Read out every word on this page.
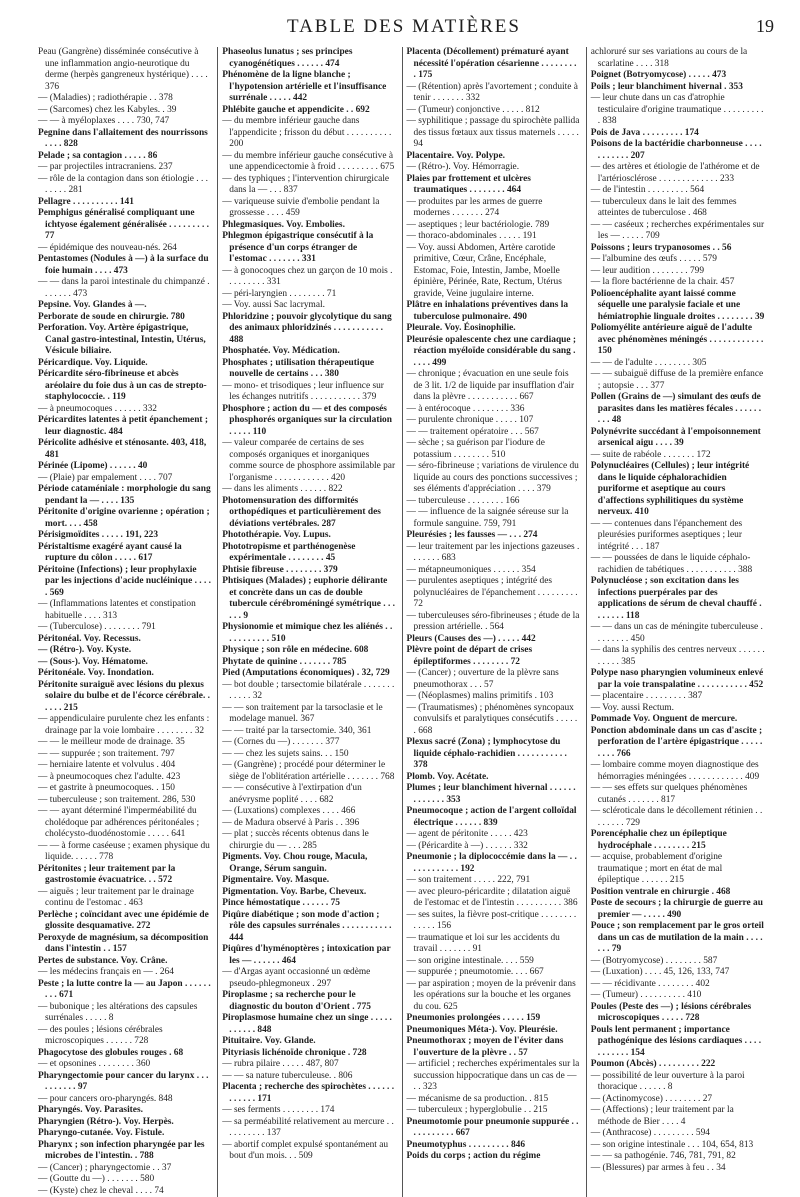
TABLE DES MATIÈRES	19
Peau (Gangrène) disséminée consécutive à une inflammation angio-neurotique du derme (herpès gangreneux hystérique) . . . . 376
— (Maladies) ; radiothérapie . . 378
— (Sarcomes) chez les Kabyles. . 39
— — à myéloplaxes . . . . 730, 747
Pegnine dans l'allaitement des nourrissons . . . . 828
Pelade ; sa contagion . . . . . 86
— par projectiles intracraniens. 237
— rôle de la contagion dans son étiologie . . . . . . . . 281
Pellagre . . . . . . . . . . 141
Pemphigus généralisé compliquant une ichtyose également généralisée . . . . . . . . . 77
— épidémique des nouveau-nés. 264
Pentastomes (Nodules à —) à la surface du foie humain . . . . 473
— — dans la paroi intestinale du chimpanzé . . . . . . . 473
Pepsine. Voy. Glandes à —.
Perborate de soude en chirurgie. 780
Perforation. Voy. Artère épigastrique, Canal gastro-intestinal, Intestin, Utérus, Vésicule biliaire.
Péricardique. Voy. Liquide.
Péricardite séro-fibrineuse et abcès aréolaire du foie dus à un cas de strepto-staphylococcie. . 119
— à pneumocoques . . . . . . 332
Péricardites latentes à petit épanchement ; leur diagnostic. 484
Péricolite adhésive et sténosante. 403, 418, 481
Périnée (Lipome) . . . . . . 40
— (Plaie) par empalement . . . . 707
Période cataméniale : morphologie du sang pendant la — . . . . 135
Péritonite d'origine ovarienne ; opération ; mort. . . . 458
Périsigmoïdites . . . . . 191, 223
Péristaltisme exagéré ayant causé la rupture du côlon . . . . . 617
Péritoine (Infections) ; leur prophylaxie par les injections d'acide nucléinique . . . . . 569
— (Inflammations latentes et constipation habituelle . . . . 313
— (Tuberculose) . . . . . . . . 791
Péritonéal. Voy. Recessus.
— (Rétro-). Voy. Kyste.
— (Sous-). Voy. Hématome.
Péritonéale. Voy. Inondation.
Péritonite suraiguë avec lésions du plexus solaire du bulbe et de l'écorce cérébrale. . . . . . 215
— appendiculaire purulente chez les enfants : drainage par la voie lombaire . . . . . . . . 32
— — le meilleur mode de drainage. 35
— — suppurée ; son traitement. 797
— herniaire latente et volvulus . 404
— à pneumocoques chez l'adulte. 423
— et gastrite à pneumocoques. . 150
— tuberculeuse ; son traitement. 286, 530
— — ayant déterminé l'imperméabilité du cholédoque par adhérences péritonéales ; cholécysto-duodénostomie . . . . . 641
— — à forme caséeuse ; examen physique du liquide. . . . . . 778
Péritonites ; leur traitement par la gastrostomie évacuatrice. . . 572
— aiguës ; leur traitement par le drainage continu de l'estomac . 463
Perlèche ; coïncidant avec une épidémie de glossite desquamative. 272
Peroxyde de magnésium, sa décomposition dans l'intestin . . 157
Pertes de substance. Voy. Crâne.
— les médecins français en — . 264
Peste ; la lutte contre la — au Japon . . . . . . . . . 671
— bubonique ; les altérations des capsules surrénales . . . . . 8
— des poules ; lésions cérébrales microscopiques . . . . . . 728
Phagocytose des globules rouges . 68
— et opsonines . . . . . . . . 360
Pharyngectomie pour cancer du larynx . . . . . . . . . . 97
— pour cancers oro-pharyngés. 848
Pharyngés. Voy. Parasites.
Pharyngien (Rétro-). Voy. Herpès.
Pharyngo-cutanée. Voy. Fistule.
Pharynx ; son infection pharyngée par les microbes de l'intestin. . 788
— (Cancer) ; pharyngectomie . . 37
— (Goutte du —) . . . . . . . 580
— (Kyste) chez le cheval . . . . 74
Phaseolus lunatus ; ses principes cyanogénétiques . . . . . . 474
Phénomène de la ligne blanche ; l'hypotension artérielle et l'insuffisance surrénale . . . . . 442
Phlébite gauche et appendicite . . 692
— du membre inférieur gauche dans l'appendicite ; frisson du début . . . . . . . . . . 200
— du membre inférieur gauche consécutive à une appendicectomie à froid . . . . . . . . . 675
— des typhiques ; l'intervention chirurgicale dans la — . . . 837
— variqueuse suivie d'embolie pendant la grossesse . . . . 459
Phlegmasiques. Voy. Embolies.
Phlegmon épigastrique consécutif à la présence d'un corps étranger de l'estomac . . . . . . . 331
— à gonocoques chez un garçon de 10 mois . . . . . . . . . 331
— péri-laryngien . . . . . . . . 71
— Voy. aussi Sac lacrymal.
Phloridzine ; pouvoir glycolytique du sang des animaux phloridzinés . . . . . . . . . . . 488
Phosphatée. Voy. Médication.
Phosphates ; utilisation thérapeutique nouvelle de certains . . . 380
— mono- et trisodiques ; leur influence sur les échanges nutritifs . . . . . . . . . . . 379
Phosphore ; action du — et des composés phosphorés organiques sur la circulation . . . . . 110
— valeur comparée de certains de ses composés organiques et inorganiques comme source de phosphore assimilable par l'organisme . . . . . . . . . . . . 420
— dans les aliments . . . . . . 822
Photomensuration des difformités orthopédiques et particulièrement des déviations vertébrales. 287
Photothérapie. Voy. Lupus.
Phototropisme et parthénogenèse expérimentale . . . . . . . . 45
Phtisie fibreuse . . . . . . . . 379
Phtisiques (Malades) ; euphorie délirante et concrète dans un cas de double tubercule cérébroméningé symétrique . . . . . . 9
Physionomie et mimique chez les aliénés . . . . . . . . . . . 510
Physique ; son rôle en médecine. 608
Phytate de quinine . . . . . . . 785
Pied (Amputations économiques) . 32, 729
— bot double ; tarsectomie bilatérale . . . . . . . . . . . . 32
— — son traitement par la tarsoclasie et le modelage manuel. 367
— — traité par la tarsectomie. 340, 361
— (Cornes du —) . . . . . . . 377
— — chez les sujets sains. . . 150
— (Gangrène) ; procédé pour déterminer le siège de l'oblitération artérielle . . . . . . . 768
— — consécutive à l'extirpation d'un anévrysme poplité . . . . 682
— (Luxations) complexes . . . . 466
— de Madura observé à Paris . . 396
— plat ; succès récents obtenus dans le chirurgie du — . . . 285
Pigments. Voy. Chou rouge, Macula, Orange, Sérum sanguin.
Pigmentaire. Voy. Masque.
Pigmentation. Voy. Barbe, Cheveux.
Pince hémostatique . . . . . . 75
Piqûre diabétique ; son mode d'action ; rôle des capsules surrénales . . . . . . . . . . . 444
Piqûres d'hyménoptères ; intoxication par les — . . . . . . 464
— d'Argas ayant occasionné un œdème pseudo-phlegmoneux . 297
Piroplasme ; sa recherche pour le diagnostic du bouton d'Orient . 775
Piroplasmose humaine chez un singe . . . . . . . . . . . 848
Pituitaire. Voy. Glande.
Pityriasis lichénoïde chronique . 728
— rubra pilaire . . . . . 487, 807
— — sa nature tuberculeuse. . 806
Placenta ; recherche des spirochètes . . . . . . . . . . . . 171
— ses ferments . . . . . . . . 174
— sa perméabilité relativement au mercure . . . . . . . . . . 137
— abortif complet expulsé spontanément au bout d'un mois. . . 509
Placenta (Décollement) prématuré ayant nécessité l'opération césarienne . . . . . . . . . 175
— (Rétention) après l'avortement ; conduite à tenir . . . . . . . 332
— (Tumeur) conjonctive . . . . . 812
— syphilitique ; passage du spirochète pallida des tissus fœtaux aux tissus maternels . . . . . 94
Placentaire. Voy. Polype.
— (Rétro-). Voy. Hémorragie.
Plaies par frottement et ulcères traumatiques . . . . . . . . 464
— produites par les armes de guerre modernes . . . . . . . 274
— aseptiques ; leur bactériologie. 789
— thoraco-abdominales . . . . . 191
— Voy. aussi Abdomen, Artère carotide primitive, Cœur, Crâne, Encéphale, Estomac, Foie, Intestin, Jambe, Moelle épinière, Périnée, Rate, Rectum, Utérus gravide, Veine jugulaire interne.
Plâtre en inhalations préventives dans la tuberculose pulmonaire. 490
Pleurale. Voy. Éosinophilie.
Pleurésie opalescente chez une cardiaque ; réaction myéloïde considérable du sang . . . . . 499
— chronique ; évacuation en une seule fois de 3 lit. 1/2 de liquide par insufflation d'air dans la plèvre . . . . . . . . . . . 667
— à entérocoque . . . . . . . . 336
— purulente chronique . . . . . 107
— — traitement opératoire . . . 567
— sèche ; sa guérison par l'iodure de potassium . . . . . . . . 510
— séro-fibrineuse ; variations de virulence du liquide au cours des ponctions successives ; ses éléments d'appréciation . . . . 379
— tuberculeuse . . . . . . . . 166
— — influence de la saignée séreuse sur la formule sanguine. 759, 791
Pleurésies ; les fausses — . . . 274
— leur traitement par les injections gazeuses . . . . . . . 683
— métapneumoniques . . . . . . 354
— purulentes aseptiques ; intégrité des polynucléaires de l'épanchement . . . . . . . . . 72
— tuberculeuses séro-fibrineuses ; étude de la pression artérielle. . 564
Pleurs (Causes des —) . . . . . 442
Plèvre point de départ de crises épileptiformes . . . . . . . . 72
— (Cancer) ; ouverture de la plèvre sans pneumothorax . . . 57
— (Néoplasmes) malins primitifs . 103
— (Traumatismes) ; phénomènes syncopaux convulsifs et paralytiques consécutifs . . . . . . 668
Plexus sacré (Zona) ; lymphocytose du liquide céphalo-rachidien . . . . . . . . . . . 378
Plomb. Voy. Acétate.
Plumes ; leur blanchiment hivernal . . . . . . . . . . . . . 353
Pneumocoque ; action de l'argent colloïdal électrique . . . . . . 839
— agent de péritonite . . . . . 423
— (Péricardite à —) . . . . . . 332
Pneumonie ; la diplococcémie dans la — . . . . . . . . . . . . 192
— son traitement . . . . . 222, 791
— avec pleuro-péricardite ; dilatation aiguë de l'estomac et de l'intestin . . . . . . . . . . 386
— ses suites, la fièvre post-critique . . . . . . . . . . . . . 156
— traumatique et loi sur les accidents du travail . . . . . . . 91
— son origine intestinale. . . . 559
— suppurée ; pneumotomie. . . . 667
— par aspiration ; moyen de la prévenir dans les opérations sur la bouche et les organes du cou. 625
Pneumonies prolongées . . . . . 159
Pneumoniques Méta-). Voy. Pleurésie.
Pneumothorax ; moyen de l'éviter dans l'ouverture de la plèvre . . 57
— artificiel ; recherches expérimentales sur la succussion hippocratique dans un cas de — . . 323
— mécanisme de sa production. . 815
— tuberculeux ; hyperglobulie . . 215
Pneumotomie pour pneumonie suppurée . . . . . . . . . . . 667
Pneumotyphus . . . . . . . . . 846
Poids du corps ; action du régime
achloruré sur ses variations au cours de la scarlatine . . . . 318
Poignet (Botryomycose) . . . . . 473
Poils ; leur blanchiment hivernal . 353
— leur chute dans un cas d'atrophie testiculaire d'origine traumatique . . . . . . . . . . 838
Pois de Java . . . . . . . . . 174
Poisons de la bactéridie charbonneuse . . . . . . . . . . . 207
— des artères et étiologie de l'athérome et de l'artériosclérose . . . . . . . . . . . . . 233
— de l'intestin . . . . . . . . . 564
— tuberculeux dans le lait des femmes atteintes de tuberculose . 468
— — caséeux ; recherches expérimentales sur les — . . . . . 709
Poissons ; leurs trypanosomes . . 56
— l'albumine des œufs . . . . . 579
— leur audition . . . . . . . . 799
— la flore bactérienne de la chair. 457
Polioencéphalite ayant laissé comme séquelle une paralysie faciale et une hémiatrophie linguale droites . . . . . . . . 39
Poliomyélite antérieure aiguë de l'adulte avec phénomènes méningés . . . . . . . . . . . . 150
— — de l'adulte . . . . . . . . 305
— — subaiguë diffuse de la première enfance ; autopsie . . . 377
Pollen (Grains de —) simulant des œufs de parasites dans les matières fécales . . . . . . . . . 48
Polynévrite succédant à l'empoisonnement arsenical aigu . . . . 39
— suite de rabéole . . . . . . . 172
Polynucléaires (Cellules) ; leur intégrité dans le liquide céphalorachidien puriforme et aseptique au cours d'affections syphilitiques du système nerveux. 410
— — contenues dans l'épanchement des pleurésies puriformes aseptiques ; leur intégrité . . . 187
— — poussées de dans le liquide céphalo-rachidien de tabétiques . . . . . . . . . . . 388
Polynucléose ; son excitation dans les infections puerpérales par des applications de sérum de cheval chauffé . . . . . . . 118
— — dans un cas de méningite tuberculeuse . . . . . . . . 450
— dans la syphilis des centres nerveux . . . . . . . . . . . 385
Polype naso pharyngien volumineux enlevé par la voie transpalatine . . . . . . . . . . . 452
— placentaire . . . . . . . . . 387
— Voy. aussi Rectum.
Pommade Voy. Onguent de mercure.
Ponction abdominale dans un cas d'ascite ; perforation de l'artère épigastrique . . . . . . . . . 766
— lombaire comme moyen diagnostique des hémorragies méningées . . . . . . . . . . . . 409
— — ses effets sur quelques phénomènes cutanés . . . . . . . 817
— scléroticale dans le décollement rétinien . . . . . . . . 729
Porencéphalie chez un épileptique hydrocéphale . . . . . . . . 215
— acquise, probablement d'origine traumatique ; mort en état de mal épileptique . . . . . . 215
Position ventrale en chirurgie . 468
Poste de secours ; la chirurgie de guerre au premier — . . . . . 490
Pouce ; son remplacement par le gros orteil dans un cas de mutilation de la main . . . . . . . 79
— (Botryomycose) . . . . . . . . 587
— (Luxation) . . . . 45, 126, 133, 747
— — récidivante . . . . . . . . 402
— (Tumeur) . . . . . . . . . . 410
Poules (Peste des —) ; lésions cérébrales microscopiques . . . . . 728
Pouls lent permanent ; importance pathogénique des lésions cardiaques . . . . . . . . . . . 154
Poumon (Abcès) . . . . . . . . . 222
— possibilité de leur ouverture à la paroi thoracique . . . . . . 8
— (Actinomycose) . . . . . . . . 27
— (Affections) ; leur traitement par la méthode de Bier . . . . 4
— (Anthracose) . . . . . . . . . 594
— son origine intestinale . . . 104, 654, 813
— — sa pathogénie. 746, 781, 791, 82
— (Blessures) par armes à feu . . 34
